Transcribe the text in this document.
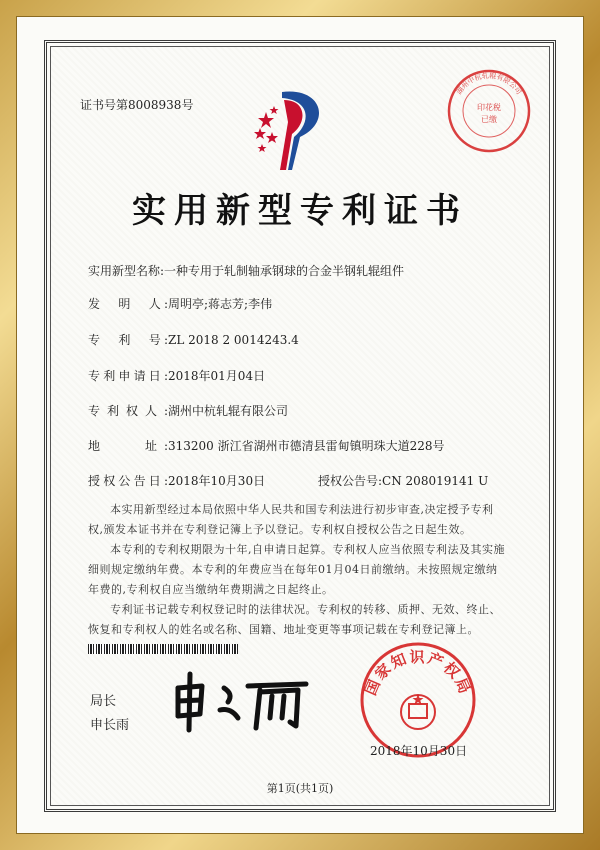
证书号第8008938号
湖州中杭轧辊有限公司
印花税
已缴
实用新型专利证书
实用新型名称:一种专用于轧制轴承钢球的合金半钢轧辊组件
发　明　人:周明亭;蒋志芳;李伟
专　利　号:ZL 2018 2 0014243.4
专利申请日:2018年01月04日
专利权人:湖州中杭轧辊有限公司
地　　址:313200 浙江省湖州市德清县雷甸镇明珠大道228号
授权公告日:2018年10月30日	授权公告号:CN 208019141 U
本实用新型经过本局依照中华人民共和国专利法进行初步审查,决定授予专利权,颁发本证书并在专利登记簿上予以登记。专利权自授权公告之日起生效。
本专利的专利权期限为十年,自申请日起算。专利权人应当依照专利法及其实施细则规定缴纳年费。本专利的年费应当在每年01月04日前缴纳。未按照规定缴纳年费的,专利权自应当缴纳年费期满之日起终止。
专利证书记载专利权登记时的法律状况。专利权的转移、质押、无效、终止、恢复和专利权人的姓名或名称、国籍、地址变更等事项记载在专利登记簿上。
局长
申长雨
国家知识产权局
2018年10月30日
第1页(共1页)
